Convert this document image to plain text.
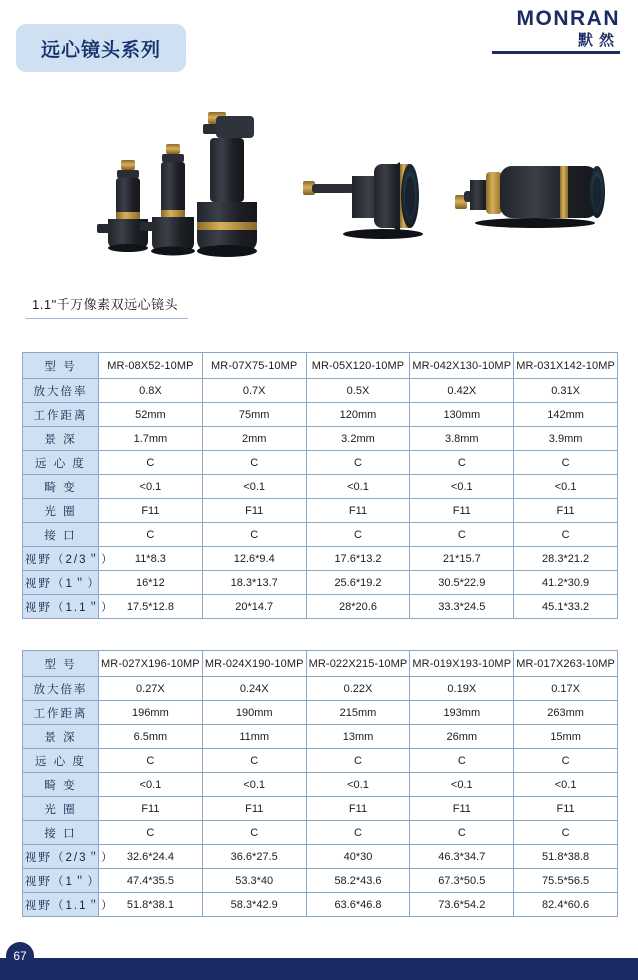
MONRAN
默然
远心镜头系列
1.1"千万像素双远心镜头
型 号	MR-08X52-10MP	MR-07X75-10MP	MR-05X120-10MP	MR-042X130-10MP	MR-031X142-10MP
放大倍率	0.8X	0.7X	0.5X	0.42X	0.31X
工作距离	52mm	75mm	120mm	130mm	142mm
景 深	1.7mm	2mm	3.2mm	3.8mm	3.9mm
远 心 度	C	C	C	C	C
畸 变	<0.1	<0.1	<0.1	<0.1	<0.1
光 圈	F11	F11	F11	F11	F11
接 口	C	C	C	C	C
视野（2/3＂）	11*8.3	12.6*9.4	17.6*13.2	21*15.7	28.3*21.2
视野（1＂）	16*12	18.3*13.7	25.6*19.2	30.5*22.9	41.2*30.9
视野（1.1＂）	17.5*12.8	20*14.7	28*20.6	33.3*24.5	45.1*33.2
型 号	MR-027X196-10MP	MR-024X190-10MP	MR-022X215-10MP	MR-019X193-10MP	MR-017X263-10MP
放大倍率	0.27X	0.24X	0.22X	0.19X	0.17X
工作距离	196mm	190mm	215mm	193mm	263mm
景 深	6.5mm	11mm	13mm	26mm	15mm
远 心 度	C	C	C	C	C
畸 变	<0.1	<0.1	<0.1	<0.1	<0.1
光 圈	F11	F11	F11	F11	F11
接 口	C	C	C	C	C
视野（2/3＂）	32.6*24.4	36.6*27.5	40*30	46.3*34.7	51.8*38.8
视野（1＂）	47.4*35.5	53.3*40	58.2*43.6	67.3*50.5	75.5*56.5
视野（1.1＂）	51.8*38.1	58.3*42.9	63.6*46.8	73.6*54.2	82.4*60.6
67
